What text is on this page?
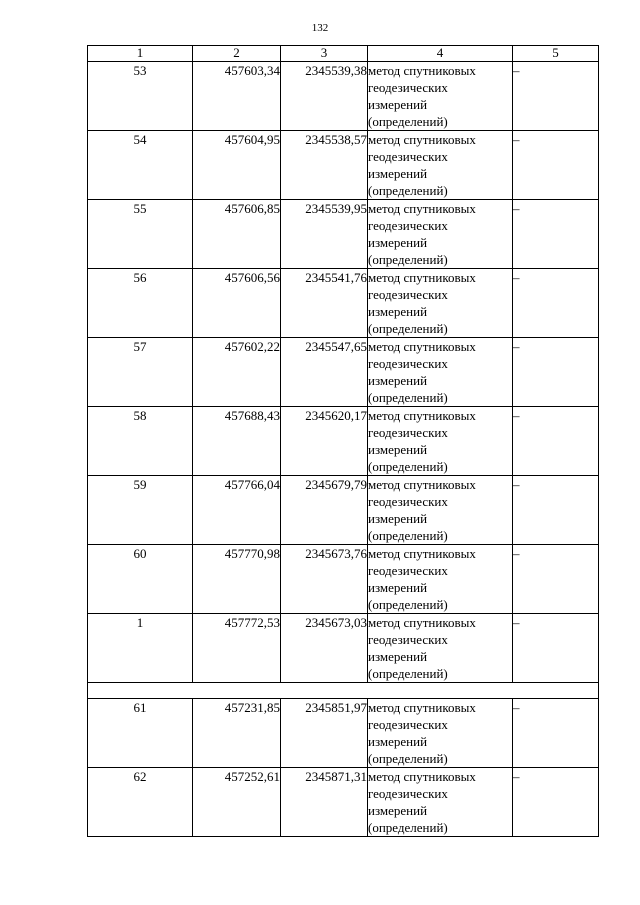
132
1	2	3	4	5
53	457603,34	2345539,38	метод спутниковых
геодезических
измерений
(определений)	–
54	457604,95	2345538,57	метод спутниковых
геодезических
измерений
(определений)	–
55	457606,85	2345539,95	метод спутниковых
геодезических
измерений
(определений)	–
56	457606,56	2345541,76	метод спутниковых
геодезических
измерений
(определений)	–
57	457602,22	2345547,65	метод спутниковых
геодезических
измерений
(определений)	–
58	457688,43	2345620,17	метод спутниковых
геодезических
измерений
(определений)	–
59	457766,04	2345679,79	метод спутниковых
геодезических
измерений
(определений)	–
60	457770,98	2345673,76	метод спутниковых
геодезических
измерений
(определений)	–
1	457772,53	2345673,03	метод спутниковых
геодезических
измерений
(определений)	–

61	457231,85	2345851,97	метод спутниковых
геодезических
измерений
(определений)	–
62	457252,61	2345871,31	метод спутниковых
геодезических
измерений
(определений)	–
